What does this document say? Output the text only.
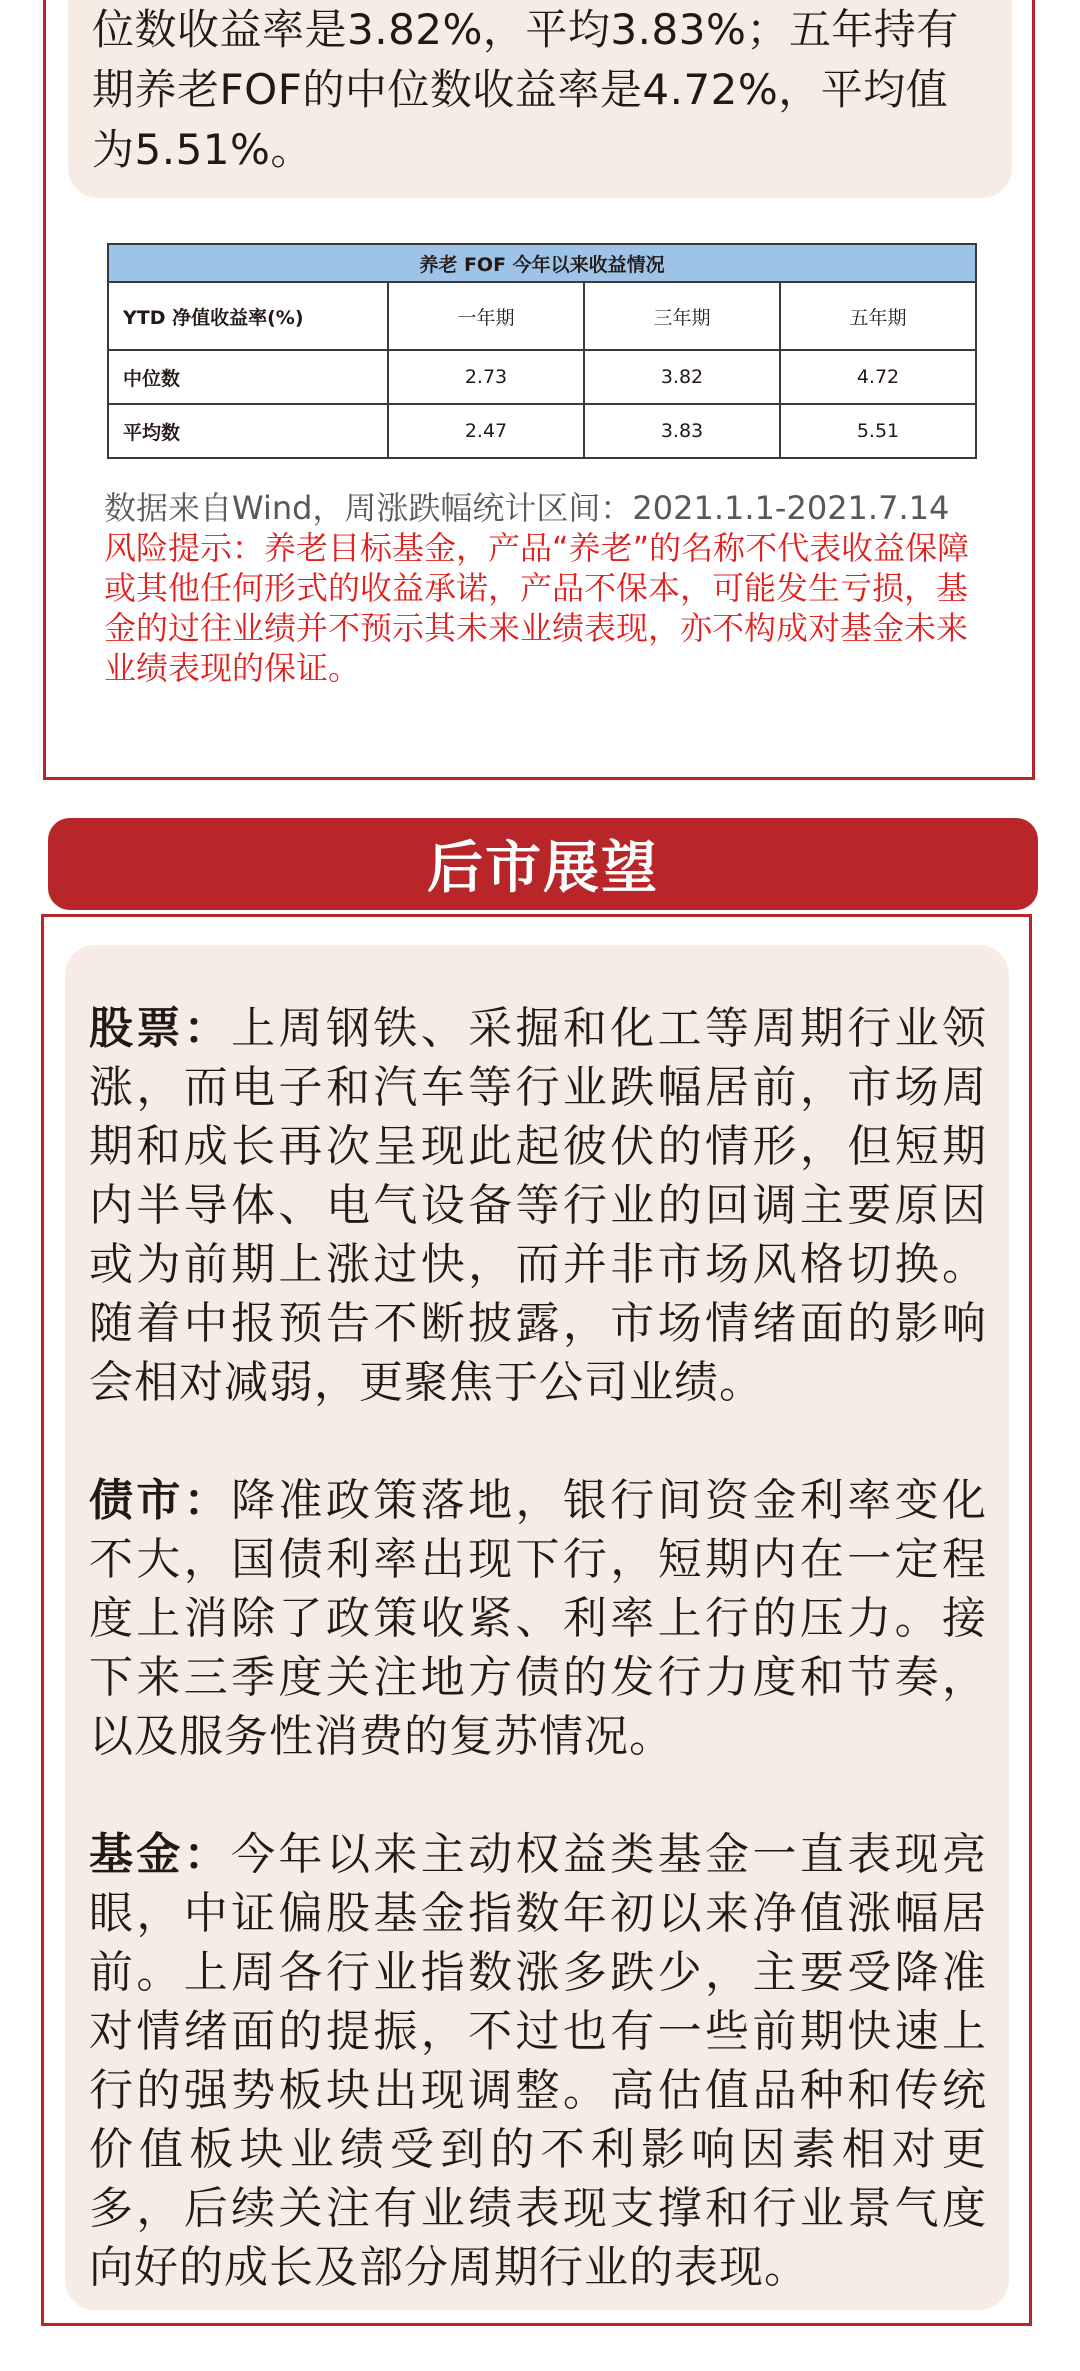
位数收益率是3.82%，平均3.83%；五年持有期养老FOF的中位数收益率是4.72%，平均值为5.51%。

养老 FOF 今年以来收益情况			
YTD 净值收益率(%)	一年期	三年期	五年期
中位数	2.73	3.82	4.72
平均数	2.47	3.83	5.51

数据来自Wind，周涨跌幅统计区间：2021.1.1-2021.7.14

风险提示：养老目标基金，产品“养老”的名称不代表收益保障或其他任何形式的收益承诺，产品不保本，可能发生亏损，基金的过往业绩并不预示其未来业绩表现，亦不构成对基金未来业绩表现的保证。

后市展望

股票：上周钢铁、采掘和化工等周期行业领涨，而电子和汽车等行业跌幅居前，市场周期和成长再次呈现此起彼伏的情形，但短期内半导体、电气设备等行业的回调主要原因或为前期上涨过快，而并非市场风格切换。随着中报预告不断披露，市场情绪面的影响会相对减弱，更聚焦于公司业绩。

债市：降准政策落地，银行间资金利率变化不大，国债利率出现下行，短期内在一定程度上消除了政策收紧、利率上行的压力。接下来三季度关注地方债的发行力度和节奏，以及服务性消费的复苏情况。

基金：今年以来主动权益类基金一直表现亮眼，中证偏股基金指数年初以来净值涨幅居前。上周各行业指数涨多跌少，主要受降准对情绪面的提振，不过也有一些前期快速上行的强势板块出现调整。高估值品种和传统价值板块业绩受到的不利影响因素相对更多，后续关注有业绩表现支撑和行业景气度向好的成长及部分周期行业的表现。
